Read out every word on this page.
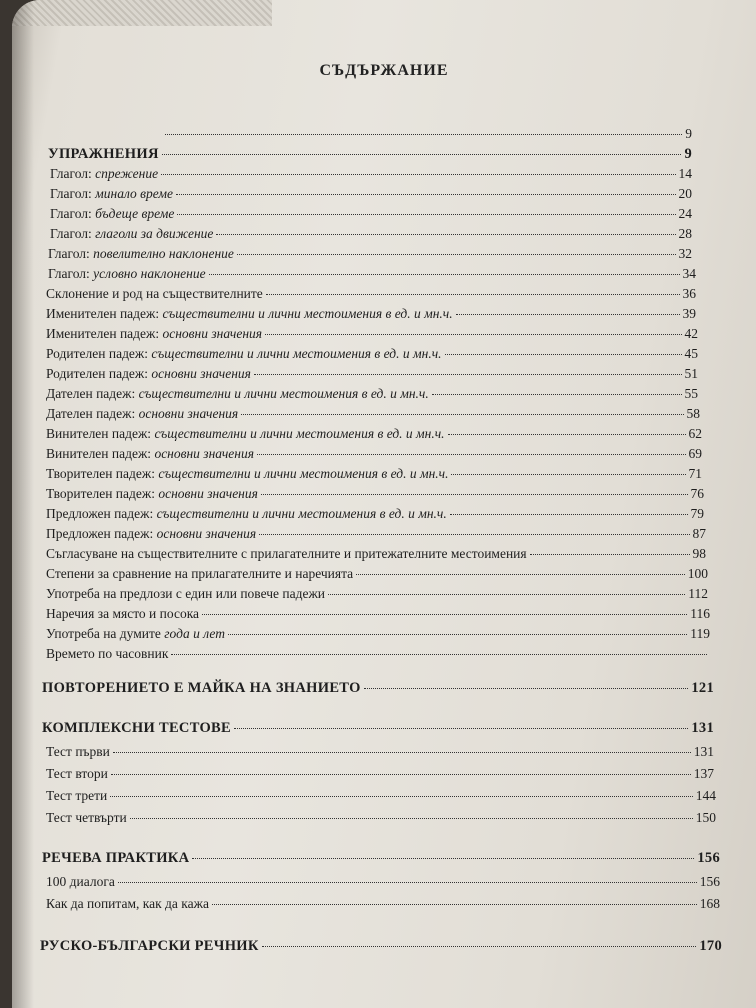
СЪДЪРЖАНИЕ
9
УПРАЖНЕНИЯ	9
Глагол: спрежение	14
Глагол: минало време	20
Глагол: бъдеще време	24
Глагол: глаголи за движение	28
Глагол: повелително наклонение	32
Глагол: условно наклонение	34
Склонение и род на съществителните	36
Именителен падеж: съществителни и лични местоимения в ед. и мн.ч.	39
Именителен падеж: основни значения	42
Родителен падеж: съществителни и лични местоимения в ед. и мн.ч.	45
Родителен падеж: основни значения	51
Дателен падеж: съществителни и лични местоимения в ед. и мн.ч.	55
Дателен падеж: основни значения	58
Винителен падеж: съществителни и лични местоимения в ед. и мн.ч.	62
Винителен падеж: основни значения	69
Творителен падеж: съществителни и лични местоимения в ед. и мн.ч.	71
Творителен падеж: основни значения	76
Предложен падеж: съществителни и лични местоимения в ед. и мн.ч.	79
Предложен падеж: основни значения	87
Съгласуване на съществителните с прилагателните и притежателните местоимения	98
Степени за сравнение на прилагателните и наречията	100
Употреба на предлози с един или повече падежи	112
Наречия за място и посока	116
Употреба на думите года и лет	119
Времето по часовник
ПОВТОРЕНИЕТО Е МАЙКА НА ЗНАНИЕТО	121
КОМПЛЕКСНИ ТЕСТОВЕ	131
Тест първи	131
Тест втори	137
Тест трети	144
Тест четвърти	150
РЕЧЕВА ПРАКТИКА	156
100 диалога	156
Как да попитам, как да кажа	168
РУСКО-БЪЛГАРСКИ РЕЧНИК	170
